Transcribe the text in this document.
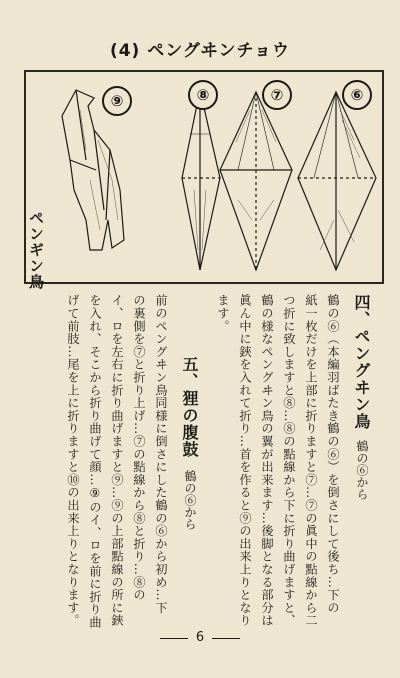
(4) ペングヰンチョウ
⑨	⑧	⑦	⑥
ペンギン鳥
四、ペングヰン鳥
鶴の⑥から
鶴の⑥（本編羽ばたき鶴の⑥）を倒さにして後ち…下の
紙一枚だけを上部に折りますと⑦…⑦の眞中の點線から二
つ折に致しますと⑧…⑧の點線から下に折り曲げますと、
鶴の様なペングヰン鳥の翼が出来ます…後脚となる部分は
眞ん中に鋏を入れて折り…首を作ると⑨の出来上りとなり
ます。
五、狸の腹鼓
鶴の⑥から
前のペングヰン鳥同様に倒さにした鶴の⑥から初め…下
の裏側を⑦と折り上げ…⑦の點線から⑧と折り…⑧の
イ、ロを左右に折り曲げますと⑨…⑨の上部點線の所に鋏
を入れ、そこから折り曲げて顔…⑨のイ、ロを前に折り曲
げて前肢…尾を上に折りますと⑩の出来上りとなります。
6
